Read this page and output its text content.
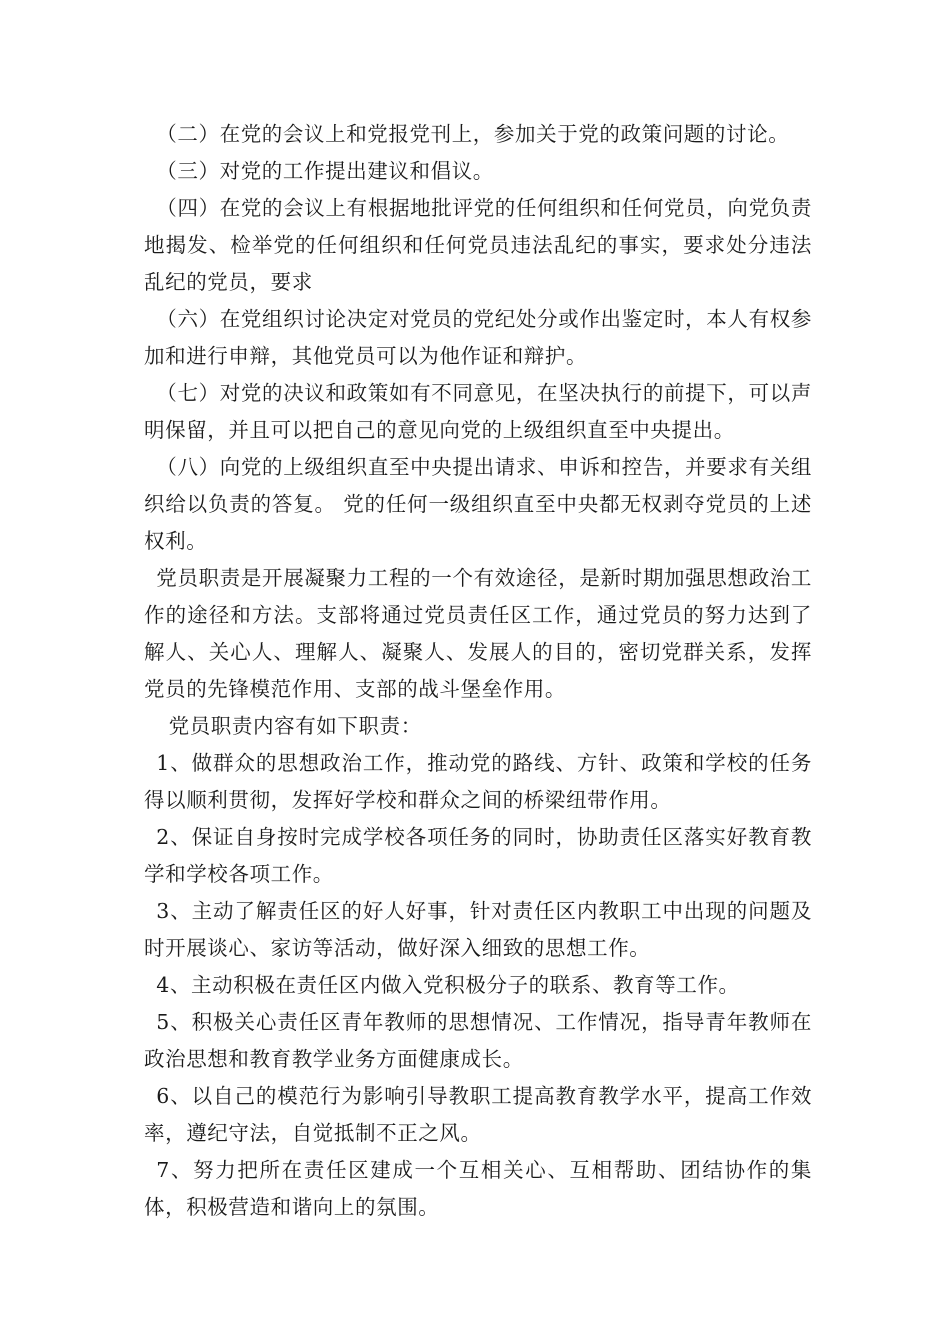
（二）在党的会议上和党报党刊上，参加关于党的政策问题的讨论。

（三）对党的工作提出建议和倡议。

（四）在党的会议上有根据地批评党的任何组织和任何党员，向党负责地揭发、检举党的任何组织和任何党员违法乱纪的事实，要求处分违法乱纪的党员，要求

（六）在党组织讨论决定对党员的党纪处分或作出鉴定时，本人有权参加和进行申辩，其他党员可以为他作证和辩护。

（七）对党的决议和政策如有不同意见，在坚决执行的前提下，可以声明保留，并且可以把自己的意见向党的上级组织直至中央提出。

（八）向党的上级组织直至中央提出请求、申诉和控告，并要求有关组织给以负责的答复。 党的任何一级组织直至中央都无权剥夺党员的上述权利。

党员职责是开展凝聚力工程的一个有效途径，是新时期加强思想政治工作的途径和方法。支部将通过党员责任区工作，通过党员的努力达到了解人、关心人、理解人、凝聚人、发展人的目的，密切党群关系，发挥党员的先锋模范作用、支部的战斗堡垒作用。

党员职责内容有如下职责：

1、做群众的思想政治工作，推动党的路线、方针、政策和学校的任务得以顺利贯彻，发挥好学校和群众之间的桥梁纽带作用。

2、保证自身按时完成学校各项任务的同时，协助责任区落实好教育教学和学校各项工作。

3、主动了解责任区的好人好事，针对责任区内教职工中出现的问题及时开展谈心、家访等活动，做好深入细致的思想工作。

4、主动积极在责任区内做入党积极分子的联系、教育等工作。

5、积极关心责任区青年教师的思想情况、工作情况，指导青年教师在政治思想和教育教学业务方面健康成长。

6、以自己的模范行为影响引导教职工提高教育教学水平，提高工作效率，遵纪守法，自觉抵制不正之风。

7、努力把所在责任区建成一个互相关心、互相帮助、团结协作的集体，积极营造和谐向上的氛围。
